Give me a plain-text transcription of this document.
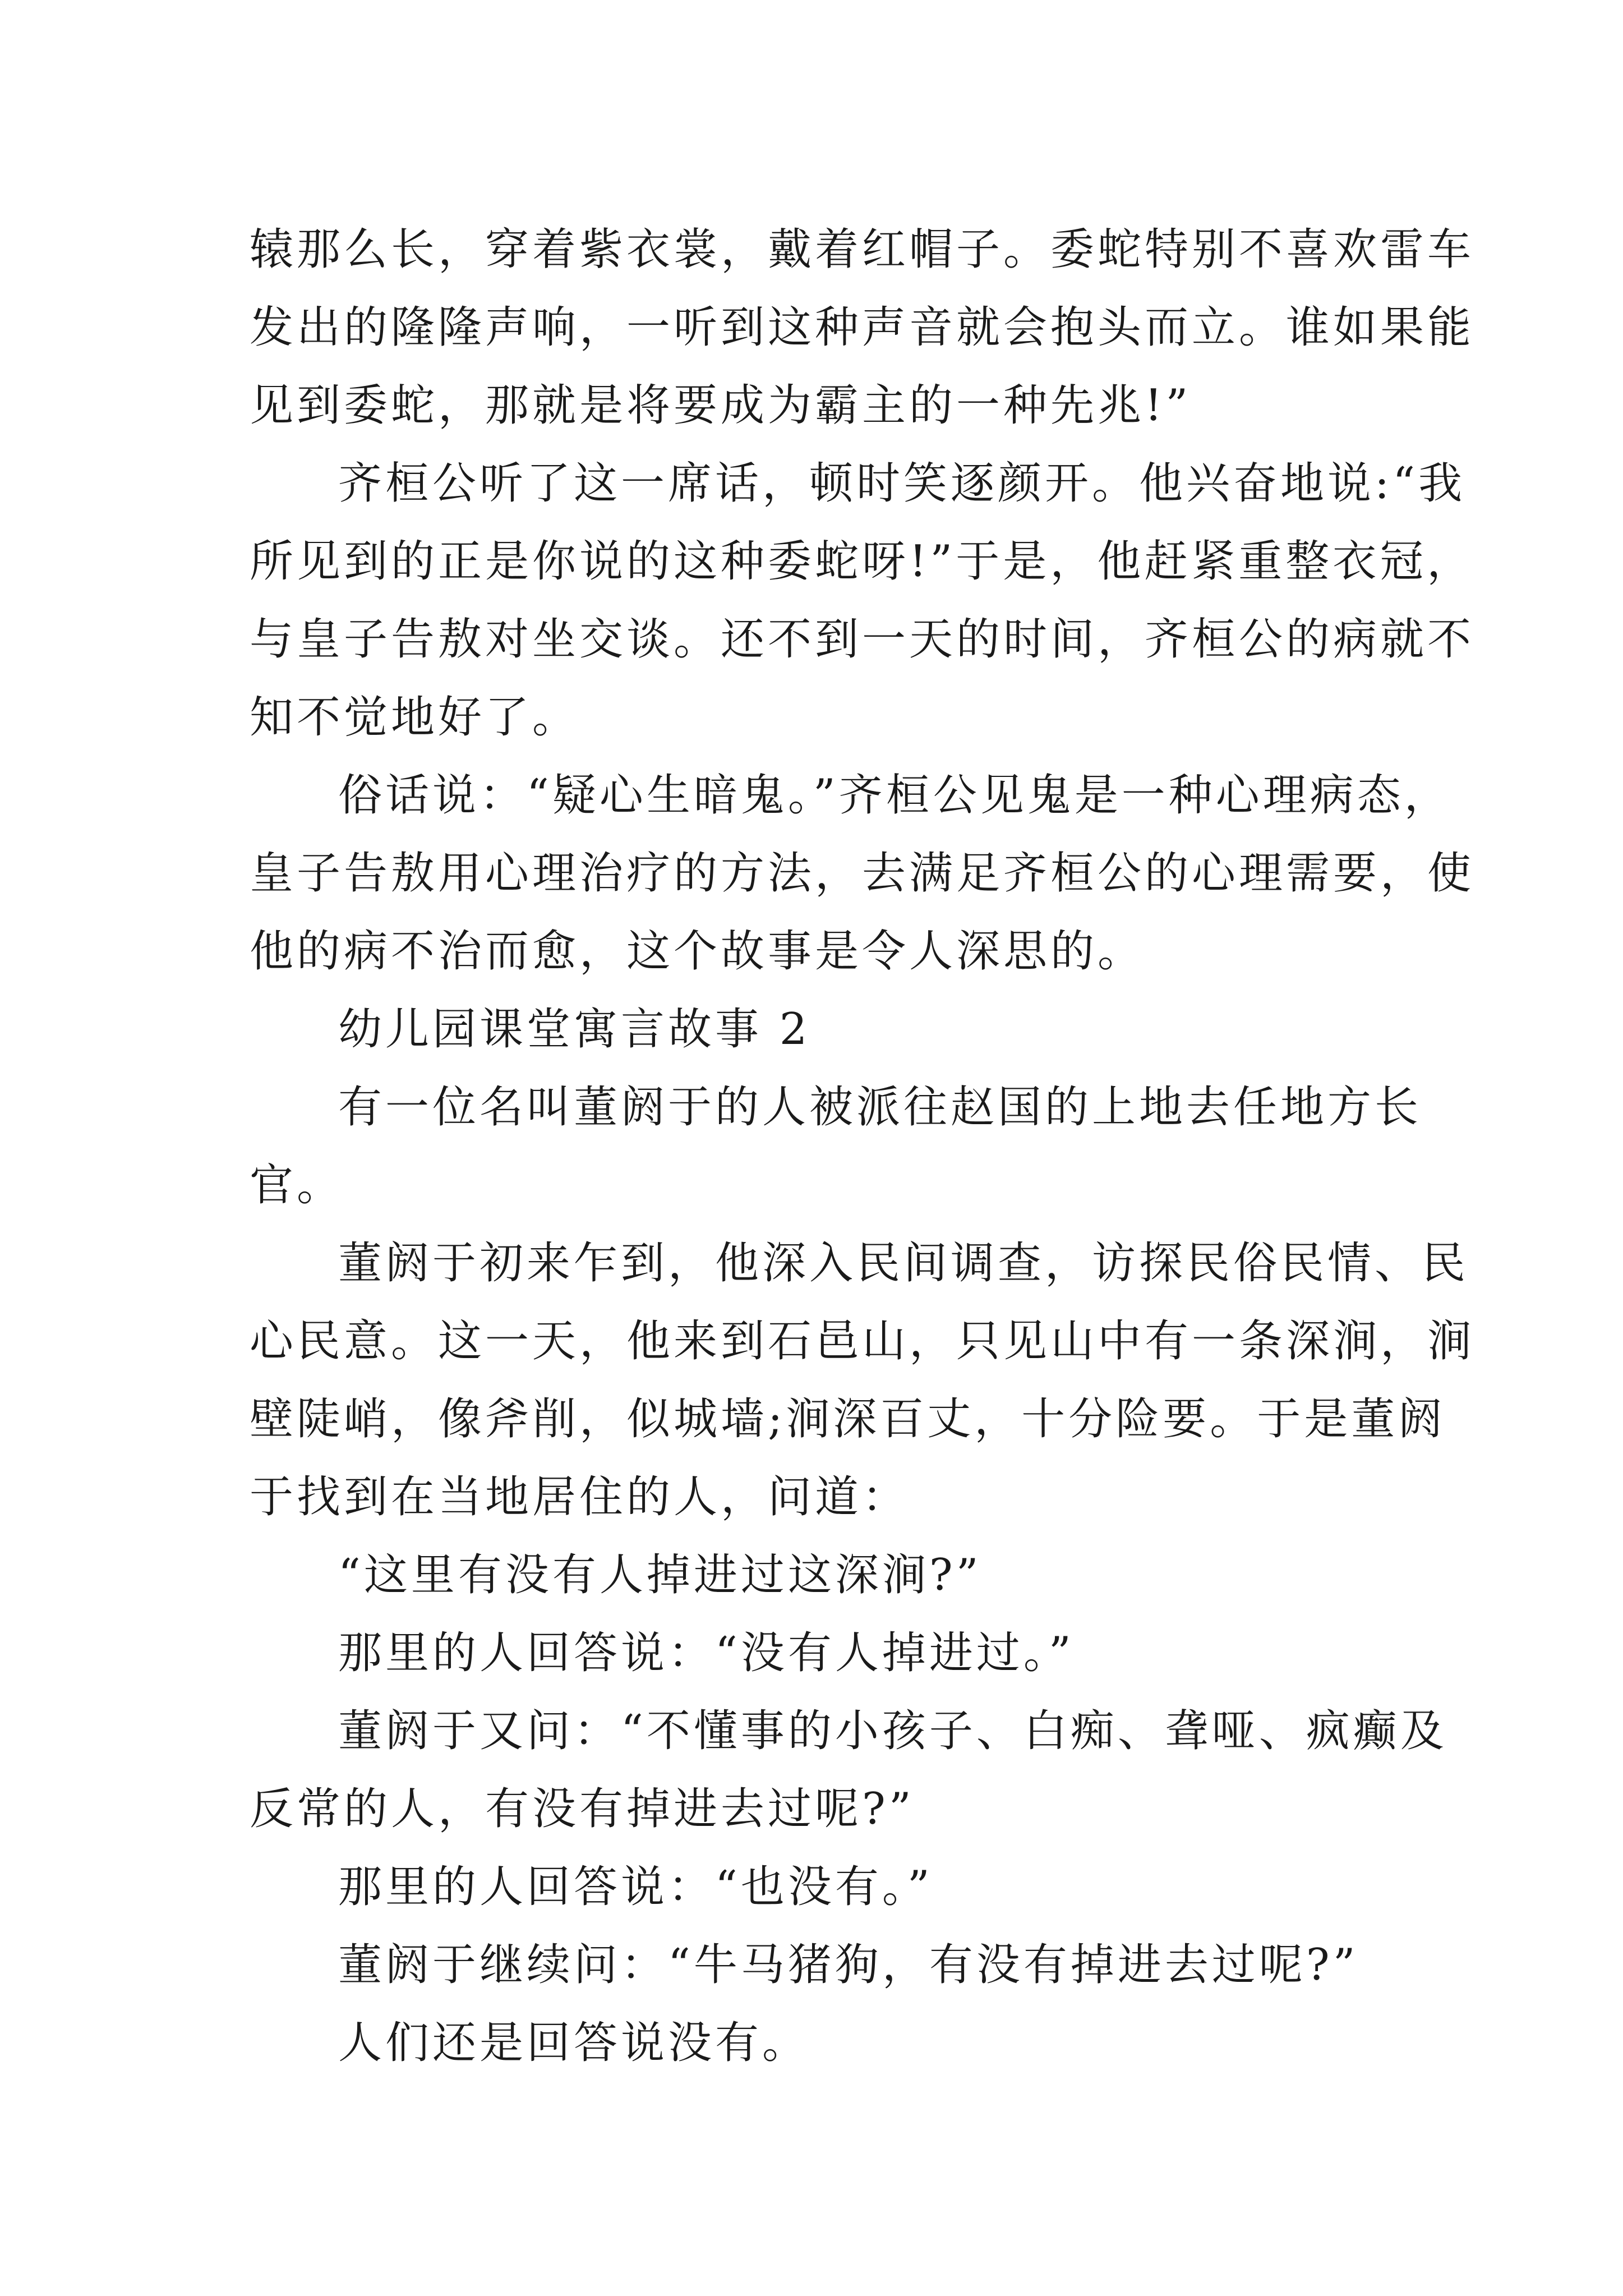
辕那么长，穿着紫衣裳，戴着红帽子。委蛇特别不喜欢雷车
发出的隆隆声响，一听到这种声音就会抱头而立。谁如果能
见到委蛇，那就是将要成为霸主的一种先兆!”
齐桓公听了这一席话，顿时笑逐颜开。他兴奋地说:“我
所见到的正是你说的这种委蛇呀!”于是，他赶紧重整衣冠，
与皇子告敖对坐交谈。还不到一天的时间，齐桓公的病就不
知不觉地好了。
俗话说：“疑心生暗鬼。”齐桓公见鬼是一种心理病态，
皇子告敖用心理治疗的方法，去满足齐桓公的心理需要，使
他的病不治而愈，这个故事是令人深思的。
幼儿园课堂寓言故事 2
有一位名叫董阏于的人被派往赵国的上地去任地方长
官。
董阏于初来乍到，他深入民间调查，访探民俗民情、民
心民意。这一天，他来到石邑山，只见山中有一条深涧，涧
壁陡峭，像斧削，似城墙;涧深百丈，十分险要。于是董阏
于找到在当地居住的人，问道：
“这里有没有人掉进过这深涧?”
那里的人回答说：“没有人掉进过。”
董阏于又问：“不懂事的小孩子、白痴、聋哑、疯癫及
反常的人，有没有掉进去过呢?”
那里的人回答说：“也没有。”
董阏于继续问：“牛马猪狗，有没有掉进去过呢?”
人们还是回答说没有。
